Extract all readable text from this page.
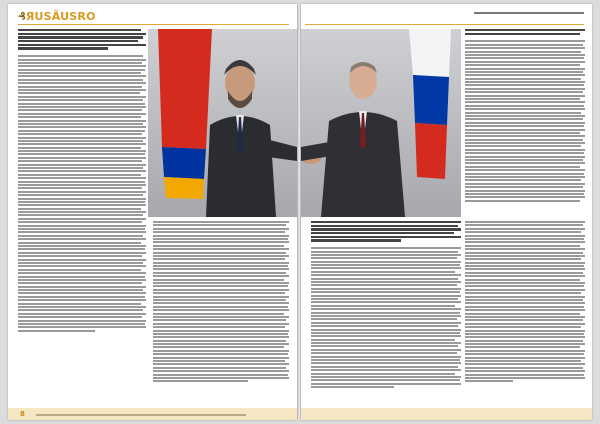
₰ЯUSÃUSRO
8
